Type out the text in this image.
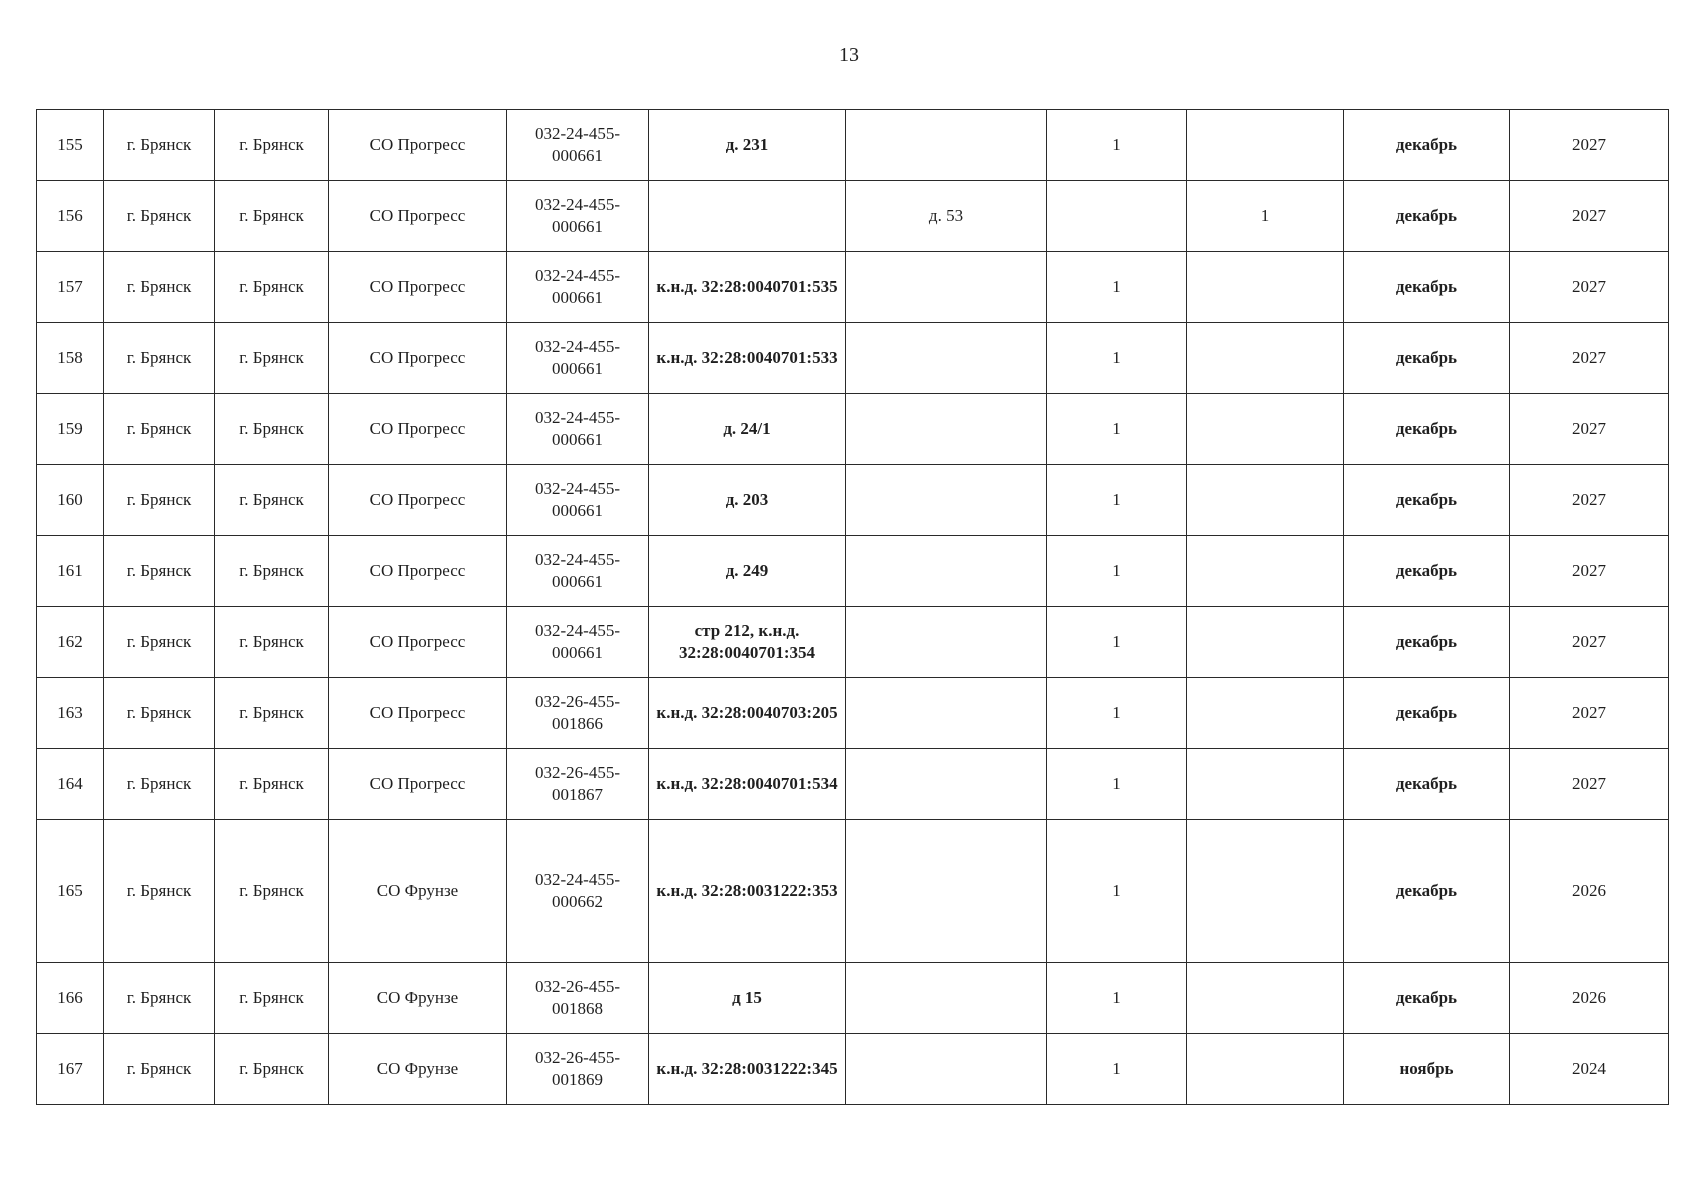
13
155	г. Брянск	г. Брянск	СО Прогресс	032-24-455-000661	д. 231		1		декабрь	2027
156	г. Брянск	г. Брянск	СО Прогресс	032-24-455-000661		д. 53		1	декабрь	2027
157	г. Брянск	г. Брянск	СО Прогресс	032-24-455-000661	к.н.д. 32:28:0040701:535		1		декабрь	2027
158	г. Брянск	г. Брянск	СО Прогресс	032-24-455-000661	к.н.д. 32:28:0040701:533		1		декабрь	2027
159	г. Брянск	г. Брянск	СО Прогресс	032-24-455-000661	д. 24/1		1		декабрь	2027
160	г. Брянск	г. Брянск	СО Прогресс	032-24-455-000661	д. 203		1		декабрь	2027
161	г. Брянск	г. Брянск	СО Прогресс	032-24-455-000661	д. 249		1		декабрь	2027
162	г. Брянск	г. Брянск	СО Прогресс	032-24-455-000661	стр 212, к.н.д. 32:28:0040701:354		1		декабрь	2027
163	г. Брянск	г. Брянск	СО Прогресс	032-26-455-001866	к.н.д. 32:28:0040703:205		1		декабрь	2027
164	г. Брянск	г. Брянск	СО Прогресс	032-26-455-001867	к.н.д. 32:28:0040701:534		1		декабрь	2027
165	г. Брянск	г. Брянск	СО Фрунзе	032-24-455-000662	к.н.д. 32:28:0031222:353		1		декабрь	2026
166	г. Брянск	г. Брянск	СО Фрунзе	032-26-455-001868	д 15		1		декабрь	2026
167	г. Брянск	г. Брянск	СО Фрунзе	032-26-455-001869	к.н.д. 32:28:0031222:345		1		ноябрь	2024
